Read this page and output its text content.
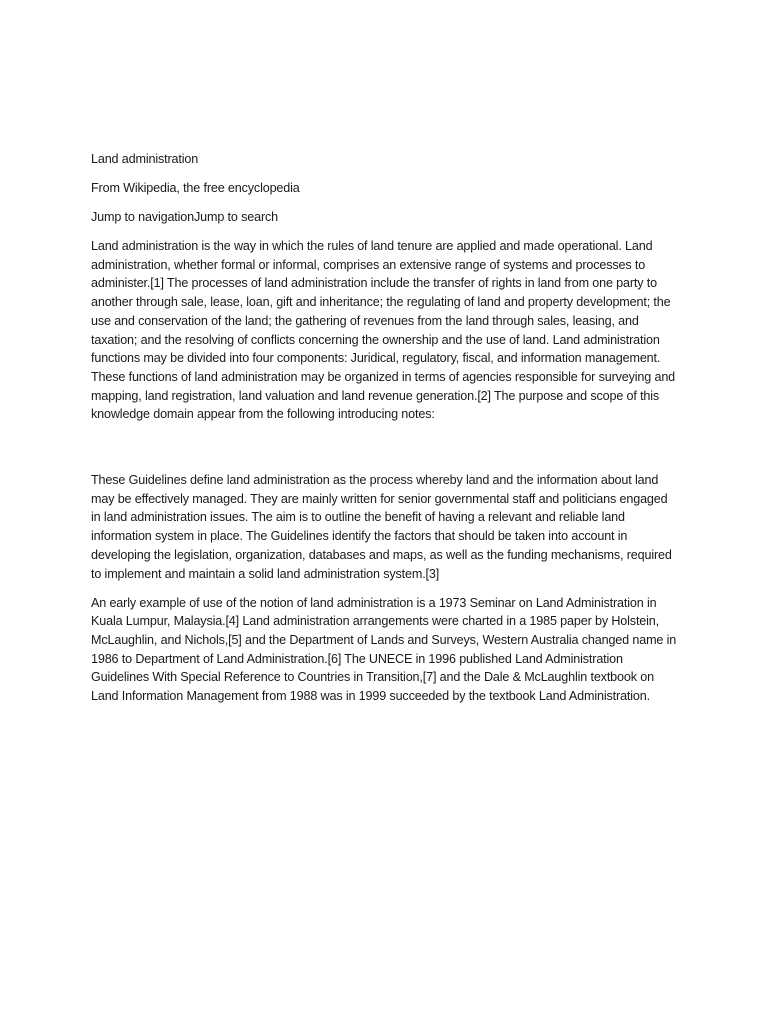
Land administration

From Wikipedia, the free encyclopedia

Jump to navigationJump to search

Land administration is the way in which the rules of land tenure are applied and made operational. Land administration, whether formal or informal, comprises an extensive range of systems and processes to administer.[1] The processes of land administration include the transfer of rights in land from one party to another through sale, lease, loan, gift and inheritance; the regulating of land and property development; the use and conservation of the land; the gathering of revenues from the land through sales, leasing, and taxation; and the resolving of conflicts concerning the ownership and the use of land. Land administration functions may be divided into four components: Juridical, regulatory, fiscal, and information management. These functions of land administration may be organized in terms of agencies responsible for surveying and mapping, land registration, land valuation and land revenue generation.[2] The purpose and scope of this knowledge domain appear from the following introducing notes:

These Guidelines define land administration as the process whereby land and the information about land may be effectively managed. They are mainly written for senior governmental staff and politicians engaged in land administration issues. The aim is to outline the benefit of having a relevant and reliable land information system in place. The Guidelines identify the factors that should be taken into account in developing the legislation, organization, databases and maps, as well as the funding mechanisms, required to implement and maintain a solid land administration system.[3]

An early example of use of the notion of land administration is a 1973 Seminar on Land Administration in Kuala Lumpur, Malaysia.[4] Land administration arrangements were charted in a 1985 paper by Holstein, McLaughlin, and Nichols,[5] and the Department of Lands and Surveys, Western Australia changed name in 1986 to Department of Land Administration.[6] The UNECE in 1996 published Land Administration Guidelines With Special Reference to Countries in Transition,[7] and the Dale & McLaughlin textbook on Land Information Management from 1988 was in 1999 succeeded by the textbook Land Administration.
